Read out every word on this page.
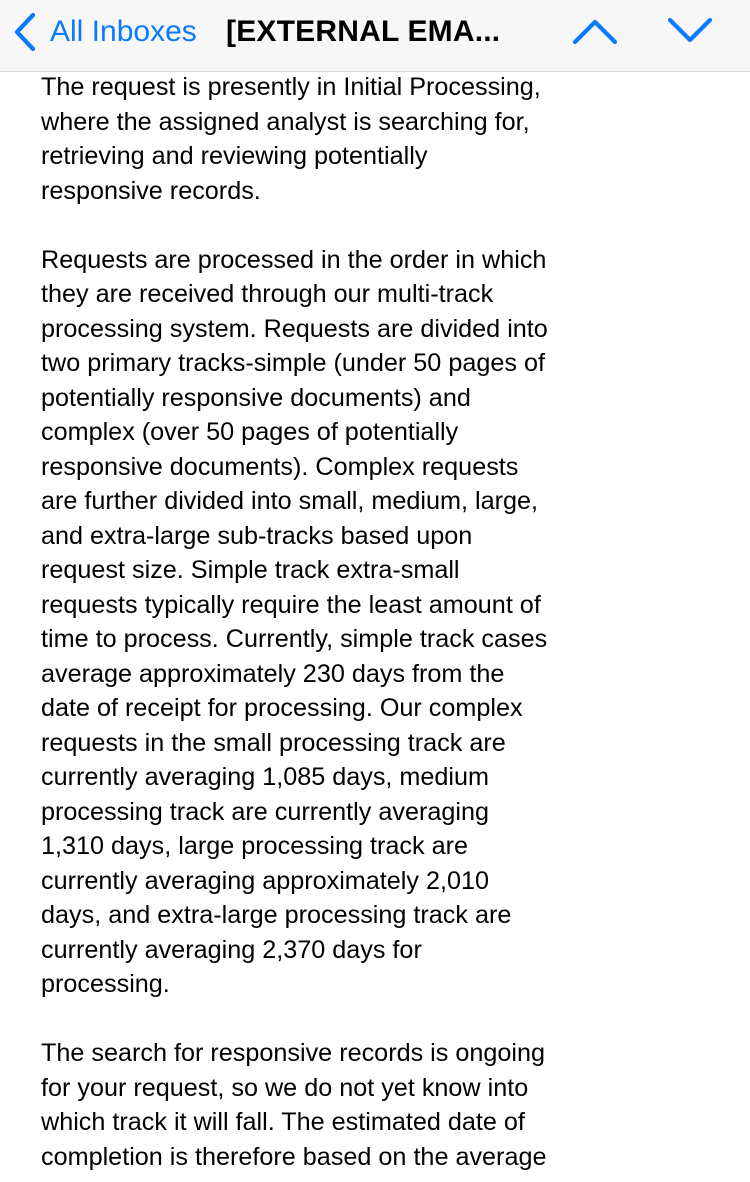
All Inboxes [EXTERNAL EMA...

The request is presently in Initial Processing,
where the assigned analyst is searching for,
retrieving and reviewing potentially
responsive records.

Requests are processed in the order in which
they are received through our multi-track
processing system. Requests are divided into
two primary tracks-simple (under 50 pages of
potentially responsive documents) and
complex (over 50 pages of potentially
responsive documents). Complex requests
are further divided into small, medium, large,
and extra-large sub-tracks based upon
request size. Simple track extra-small
requests typically require the least amount of
time to process. Currently, simple track cases
average approximately 230 days from the
date of receipt for processing. Our complex
requests in the small processing track are
currently averaging 1,085 days, medium
processing track are currently averaging
1,310 days, large processing track are
currently averaging approximately 2,010
days, and extra-large processing track are
currently averaging 2,370 days for
processing.

The search for responsive records is ongoing
for your request, so we do not yet know into
which track it will fall. The estimated date of
completion is therefore based on the average
